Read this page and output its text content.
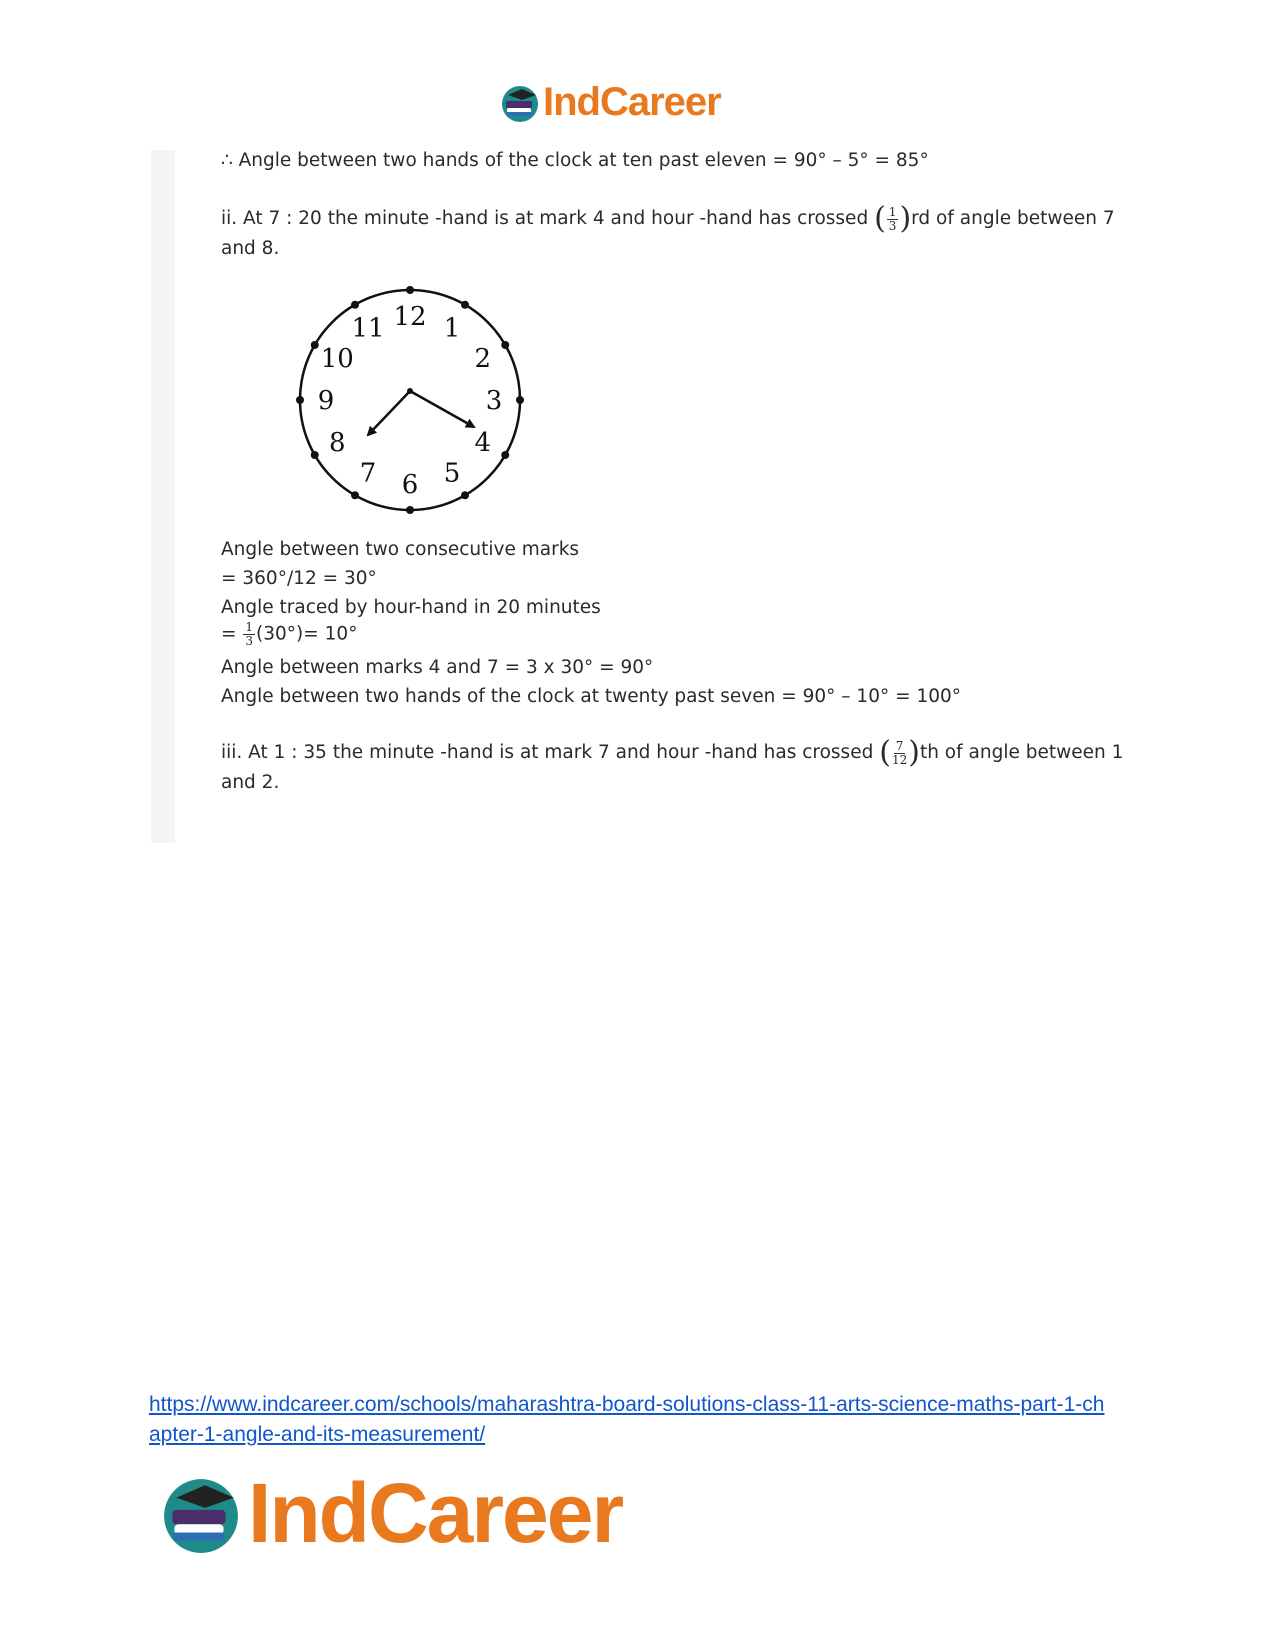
IndCareer
∴ Angle between two hands of the clock at ten past eleven = 90° – 5° = 85°
ii. At 7 : 20 the minute -hand is at mark 4 and hour -hand has crossed ( $\frac{1}{3} )rd$ of angle between 7
and 8.
Angle between two consecutive marks
= 360°/12 = 30°
Angle traced by hour-hand in 20 minutes
= $\frac{1}{3} (30^\circ)= 10^\circ$
Angle between marks 4 and 7 = 3 x 30° = 90°
Angle between two hands of the clock at twenty past seven = 90° – 10° = 100°
iii. At 1 : 35 the minute -hand is at mark 7 and hour -hand has crossed ( $\frac{7}{12} )th$ of angle between 1
and 2.
12 1
2
3
4
5
6
7
8
9
10
11
https://www.indcareer.com/schools/maharashtra-board-solutions-class-11-arts-science-maths-part-1-chapter-1-angle-and-its-measurement/
IndCareer
